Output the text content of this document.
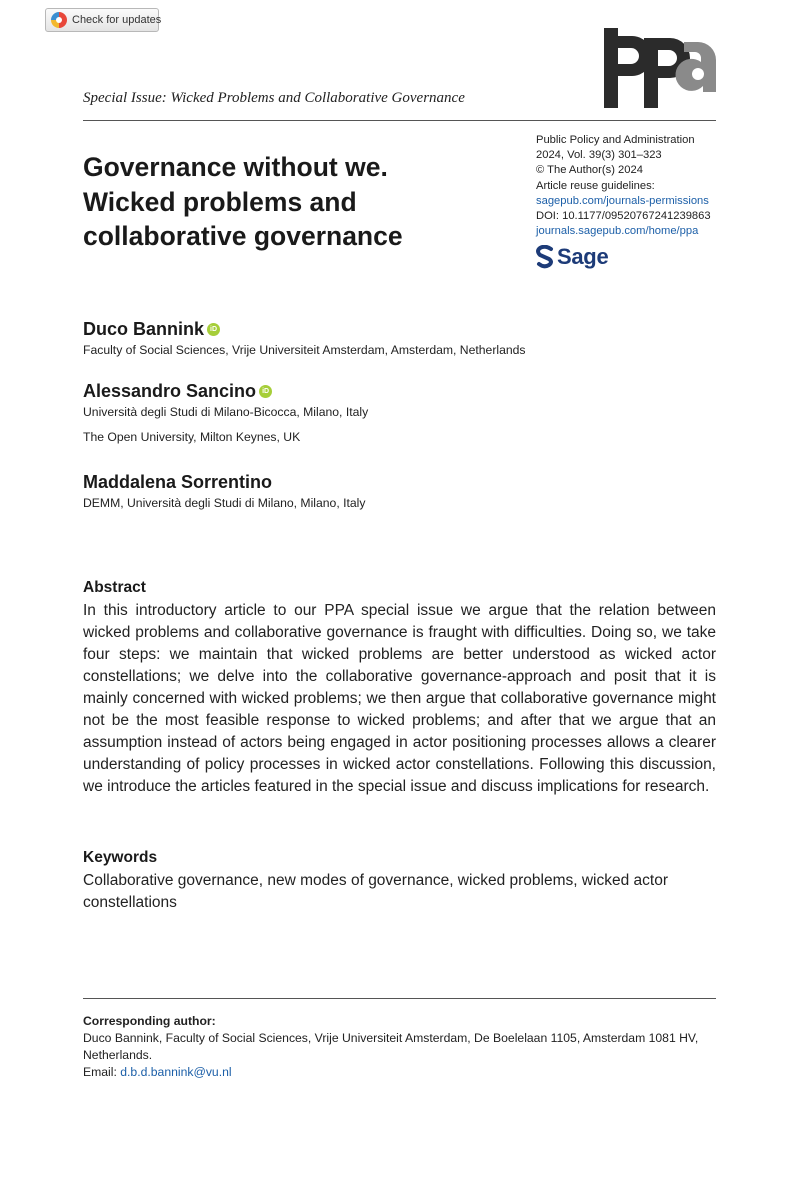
Check for updates
Special Issue: Wicked Problems and Collaborative Governance
Public Policy and Administration
2024, Vol. 39(3) 301–323
© The Author(s) 2024
Article reuse guidelines:
sagepub.com/journals-permissions
DOI: 10.1177/09520767241239863
journals.sagepub.com/home/ppa
Sage
Governance without we.
Wicked problems and
collaborative governance
Duco Bannink iD
Faculty of Social Sciences, Vrije Universiteit Amsterdam, Amsterdam, Netherlands
Alessandro Sancino iD
Università degli Studi di Milano-Bicocca, Milano, Italy
The Open University, Milton Keynes, UK
Maddalena Sorrentino
DEMM, Università degli Studi di Milano, Milano, Italy
Abstract
In this introductory article to our PPA special issue we argue that the relation between wicked problems and collaborative governance is fraught with difficulties. Doing so, we take four steps: we maintain that wicked problems are better understood as wicked actor constellations; we delve into the collaborative governance-approach and posit that it is mainly concerned with wicked problems; we then argue that collaborative governance might not be the most feasible response to wicked problems; and after that we argue that an assumption instead of actors being engaged in actor positioning processes allows a clearer understanding of policy processes in wicked actor constellations. Following this discussion, we introduce the articles featured in the special issue and discuss implications for research.
Keywords
Collaborative governance, new modes of governance, wicked problems, wicked actor constellations
Corresponding author:
Duco Bannink, Faculty of Social Sciences, Vrije Universiteit Amsterdam, De Boelelaan 1105, Amsterdam 1081 HV, Netherlands.
Email: d.b.d.bannink@vu.nl
